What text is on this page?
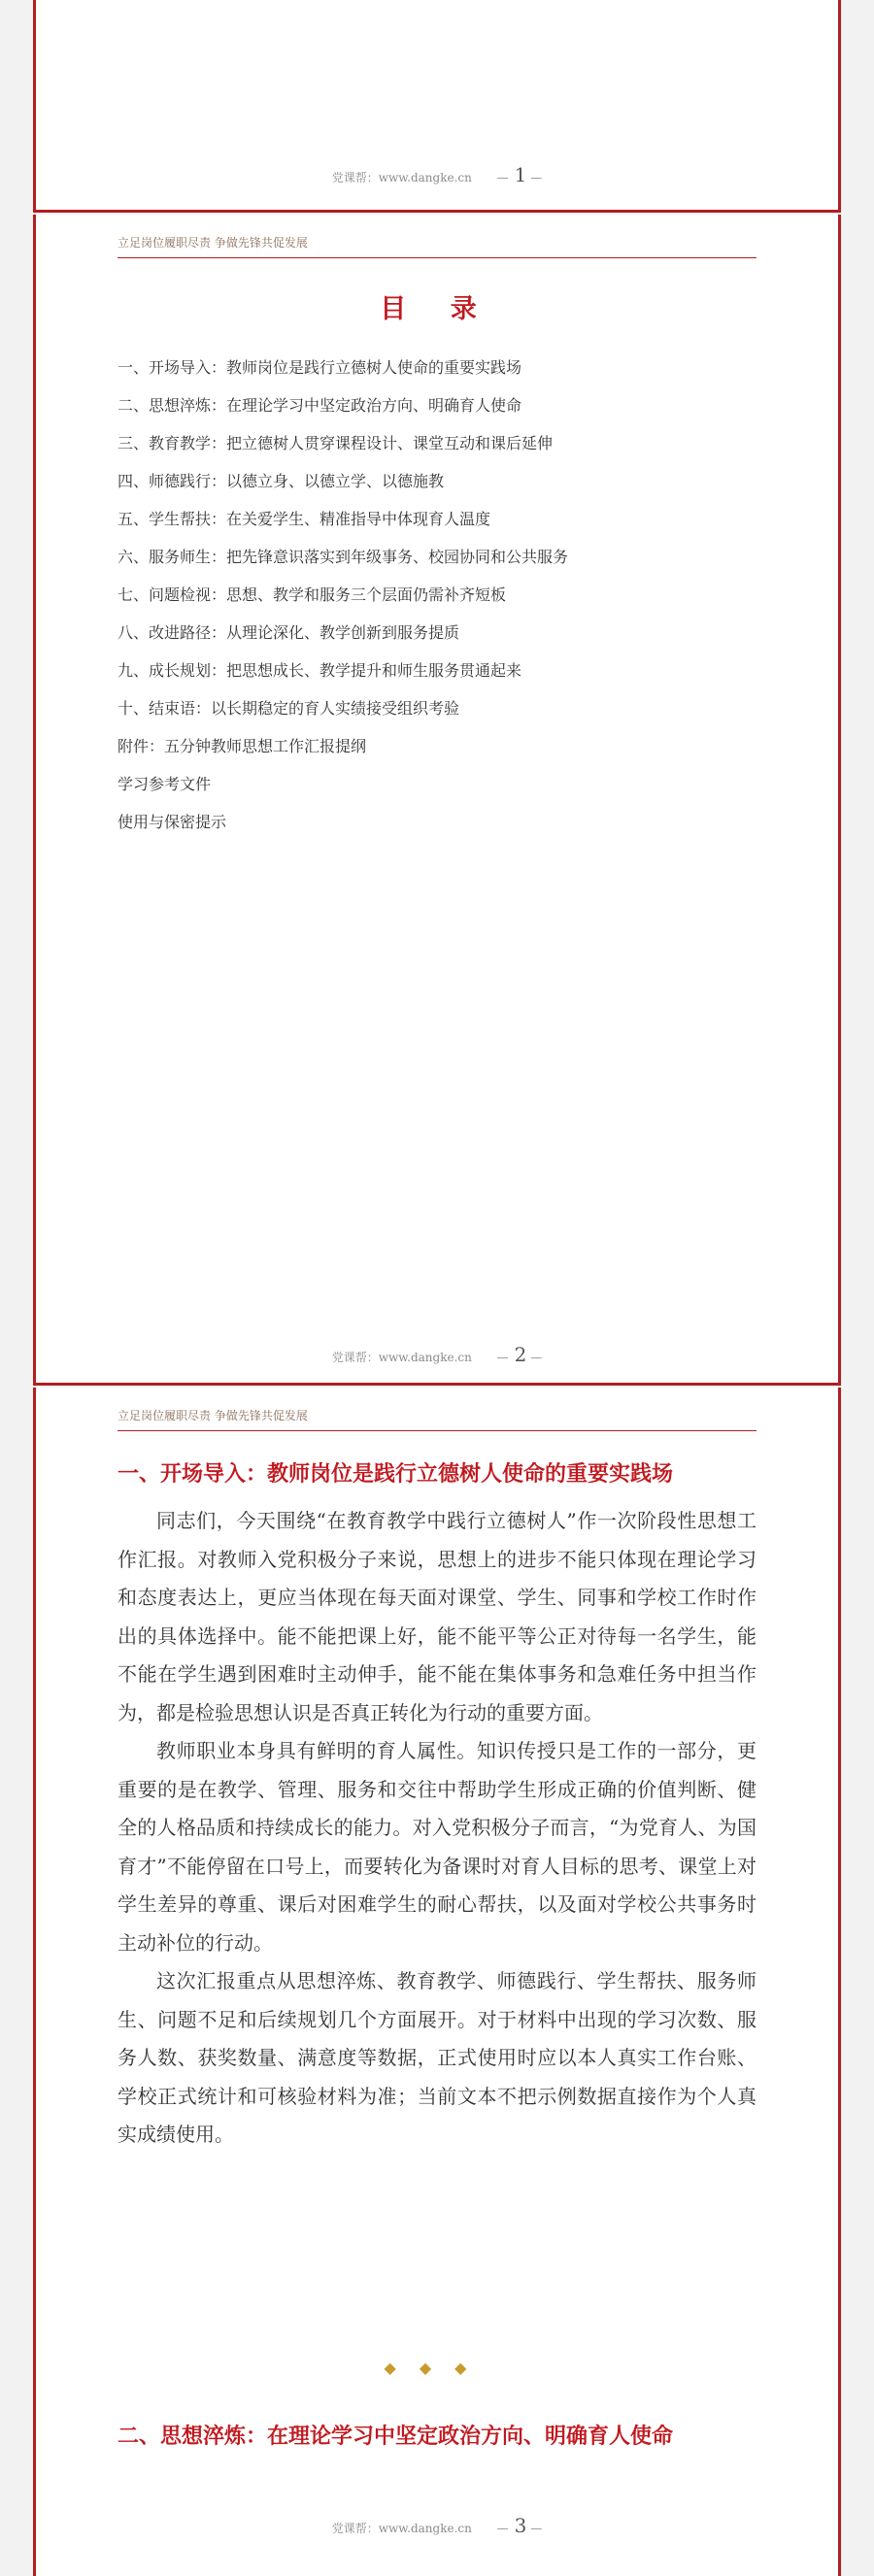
党课帮：www.dangke.cn — 1 —
立足岗位履职尽责 争做先锋共促发展
目 录
一、开场导入：教师岗位是践行立德树人使命的重要实践场
二、思想淬炼：在理论学习中坚定政治方向、明确育人使命
三、教育教学：把立德树人贯穿课程设计、课堂互动和课后延伸
四、师德践行：以德立身、以德立学、以德施教
五、学生帮扶：在关爱学生、精准指导中体现育人温度
六、服务师生：把先锋意识落实到年级事务、校园协同和公共服务
七、问题检视：思想、教学和服务三个层面仍需补齐短板
八、改进路径：从理论深化、教学创新到服务提质
九、成长规划：把思想成长、教学提升和师生服务贯通起来
十、结束语：以长期稳定的育人实绩接受组织考验
附件：五分钟教师思想工作汇报提纲
学习参考文件
使用与保密提示
党课帮：www.dangke.cn — 2 —
立足岗位履职尽责 争做先锋共促发展
一、开场导入：教师岗位是践行立德树人使命的重要实践场

同志们，今天围绕“在教育教学中践行立德树人”作一次阶段性思想工作汇报。对教师入党积极分子来说，思想上的进步不能只体现在理论学习和态度表达上，更应当体现在每天面对课堂、学生、同事和学校工作时作出的具体选择中。能不能把课上好，能不能平等公正对待每一名学生，能不能在学生遇到困难时主动伸手，能不能在集体事务和急难任务中担当作为，都是检验思想认识是否真正转化为行动的重要方面。

教师职业本身具有鲜明的育人属性。知识传授只是工作的一部分，更重要的是在教学、管理、服务和交往中帮助学生形成正确的价值判断、健全的人格品质和持续成长的能力。对入党积极分子而言，“为党育人、为国育才”不能停留在口号上，而要转化为备课时对育人目标的思考、课堂上对学生差异的尊重、课后对困难学生的耐心帮扶，以及面对学校公共事务时主动补位的行动。

这次汇报重点从思想淬炼、教育教学、师德践行、学生帮扶、服务师生、问题不足和后续规划几个方面展开。对于材料中出现的学习次数、服务人数、获奖数量、满意度等数据，正式使用时应以本人真实工作台账、学校正式统计和可核验材料为准；当前文本不把示例数据直接作为个人真实成绩使用。

◆◆◆
二、思想淬炼：在理论学习中坚定政治方向、明确育人使命
党课帮：www.dangke.cn — 3 —
